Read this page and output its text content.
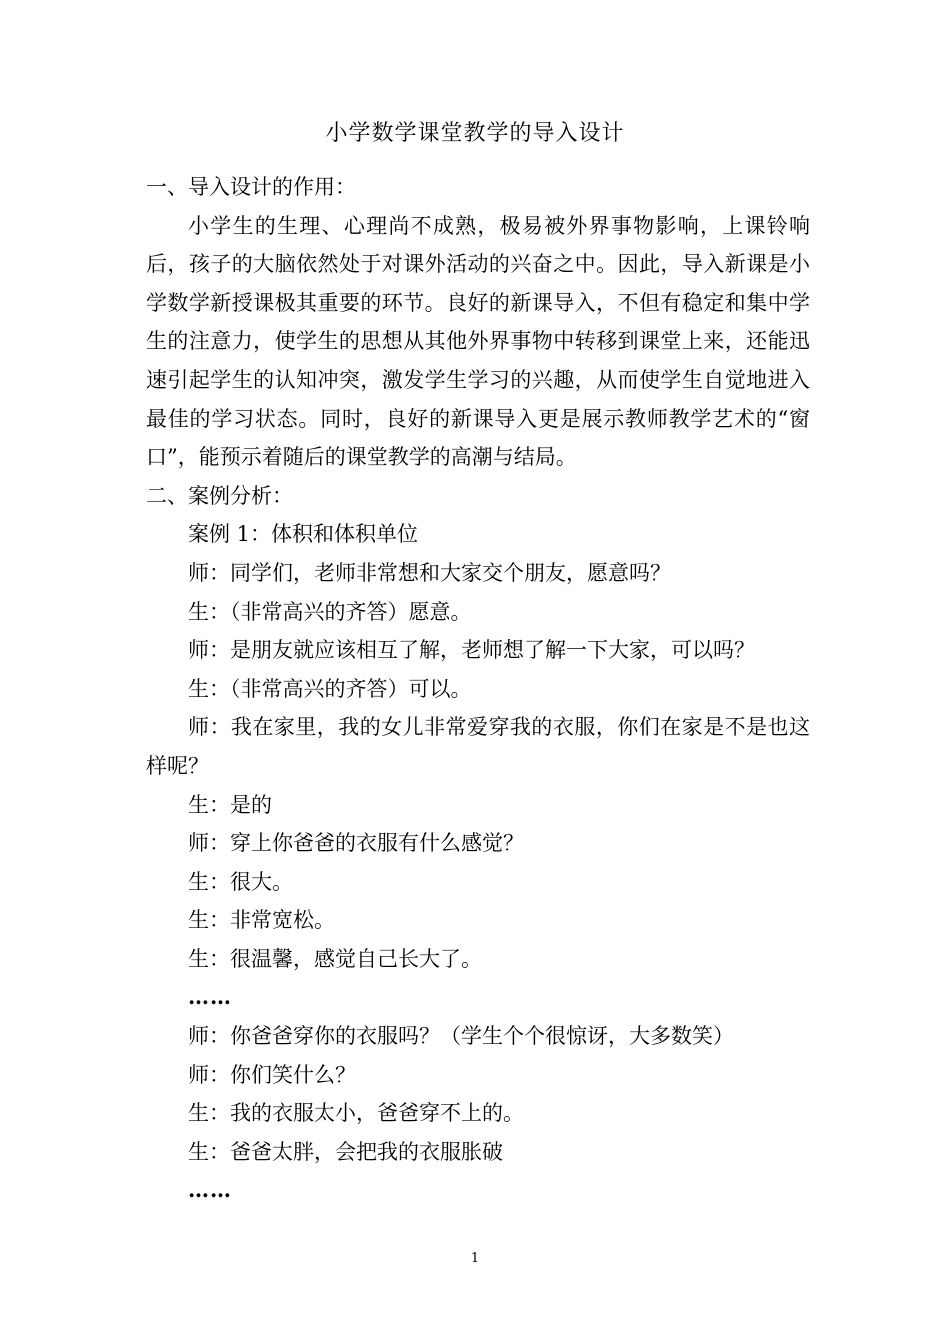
小学数学课堂教学的导入设计
一、导入设计的作用：
小学生的生理、心理尚不成熟，极易被外界事物影响，上课铃响后，孩子的大脑依然处于对课外活动的兴奋之中。因此，导入新课是小学数学新授课极其重要的环节。良好的新课导入，不但有稳定和集中学生的注意力，使学生的思想从其他外界事物中转移到课堂上来，还能迅速引起学生的认知冲突，激发学生学习的兴趣，从而使学生自觉地进入最佳的学习状态。同时，良好的新课导入更是展示教师教学艺术的“窗口”，能预示着随后的课堂教学的高潮与结局。
二、案例分析：
案例 1：体积和体积单位
师：同学们，老师非常想和大家交个朋友，愿意吗？
生：（非常高兴的齐答）愿意。
师：是朋友就应该相互了解，老师想了解一下大家，可以吗？
生：（非常高兴的齐答）可以。
师：我在家里，我的女儿非常爱穿我的衣服，你们在家是不是也这样呢？
生：是的
师：穿上你爸爸的衣服有什么感觉？
生：很大。
生：非常宽松。
生：很温馨，感觉自己长大了。
……
师：你爸爸穿你的衣服吗？（学生个个很惊讶，大多数笑）
师：你们笑什么？
生：我的衣服太小，爸爸穿不上的。
生：爸爸太胖，会把我的衣服胀破
……
1
